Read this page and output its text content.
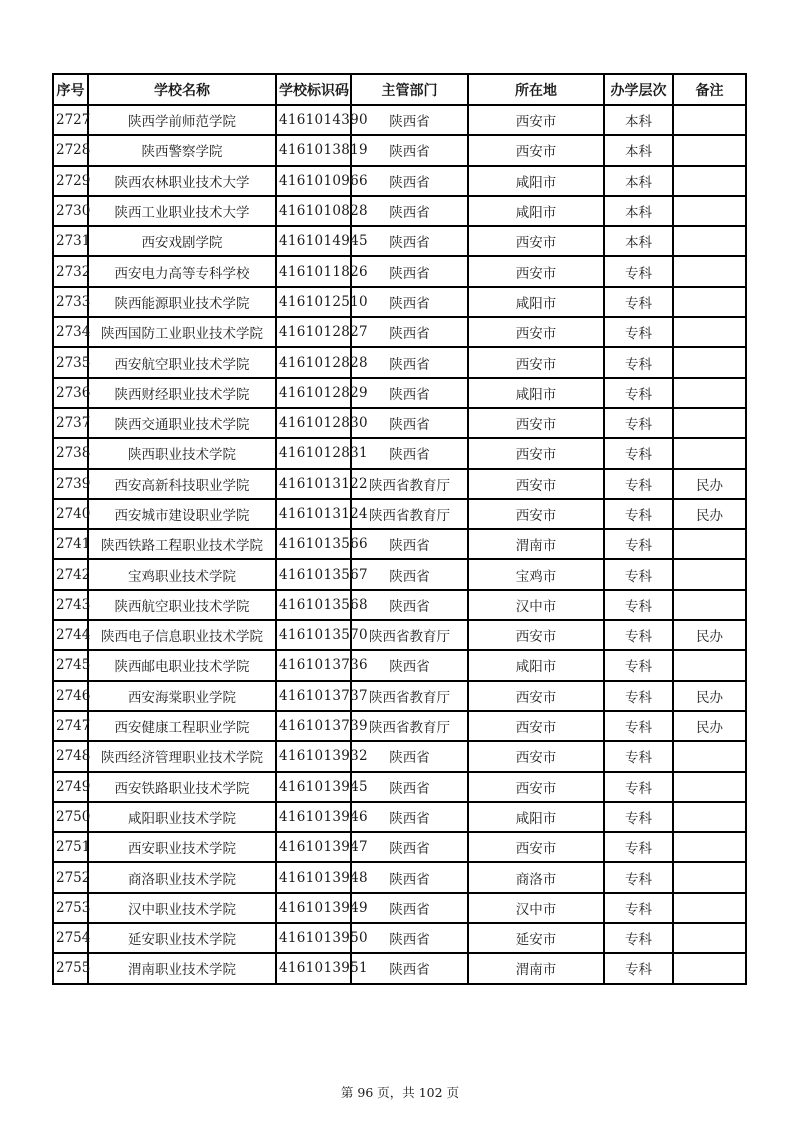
序号	学校名称	学校标识码	主管部门	所在地	办学层次	备注
2727	陕西学前师范学院	4161014390	陕西省	西安市	本科	
2728	陕西警察学院	4161013819	陕西省	西安市	本科	
2729	陕西农林职业技术大学	4161010966	陕西省	咸阳市	本科	
2730	陕西工业职业技术大学	4161010828	陕西省	咸阳市	本科	
2731	西安戏剧学院	4161014945	陕西省	西安市	本科	
2732	西安电力高等专科学校	4161011826	陕西省	西安市	专科	
2733	陕西能源职业技术学院	4161012510	陕西省	咸阳市	专科	
2734	陕西国防工业职业技术学院	4161012827	陕西省	西安市	专科	
2735	西安航空职业技术学院	4161012828	陕西省	西安市	专科	
2736	陕西财经职业技术学院	4161012829	陕西省	咸阳市	专科	
2737	陕西交通职业技术学院	4161012830	陕西省	西安市	专科	
2738	陕西职业技术学院	4161012831	陕西省	西安市	专科	
2739	西安高新科技职业学院	4161013122	陕西省教育厅	西安市	专科	民办
2740	西安城市建设职业学院	4161013124	陕西省教育厅	西安市	专科	民办
2741	陕西铁路工程职业技术学院	4161013566	陕西省	渭南市	专科	
2742	宝鸡职业技术学院	4161013567	陕西省	宝鸡市	专科	
2743	陕西航空职业技术学院	4161013568	陕西省	汉中市	专科	
2744	陕西电子信息职业技术学院	4161013570	陕西省教育厅	西安市	专科	民办
2745	陕西邮电职业技术学院	4161013736	陕西省	咸阳市	专科	
2746	西安海棠职业学院	4161013737	陕西省教育厅	西安市	专科	民办
2747	西安健康工程职业学院	4161013739	陕西省教育厅	西安市	专科	民办
2748	陕西经济管理职业技术学院	4161013932	陕西省	西安市	专科	
2749	西安铁路职业技术学院	4161013945	陕西省	西安市	专科	
2750	咸阳职业技术学院	4161013946	陕西省	咸阳市	专科	
2751	西安职业技术学院	4161013947	陕西省	西安市	专科	
2752	商洛职业技术学院	4161013948	陕西省	商洛市	专科	
2753	汉中职业技术学院	4161013949	陕西省	汉中市	专科	
2754	延安职业技术学院	4161013950	陕西省	延安市	专科	
2755	渭南职业技术学院	4161013951	陕西省	渭南市	专科	
第 96 页，共 102 页
